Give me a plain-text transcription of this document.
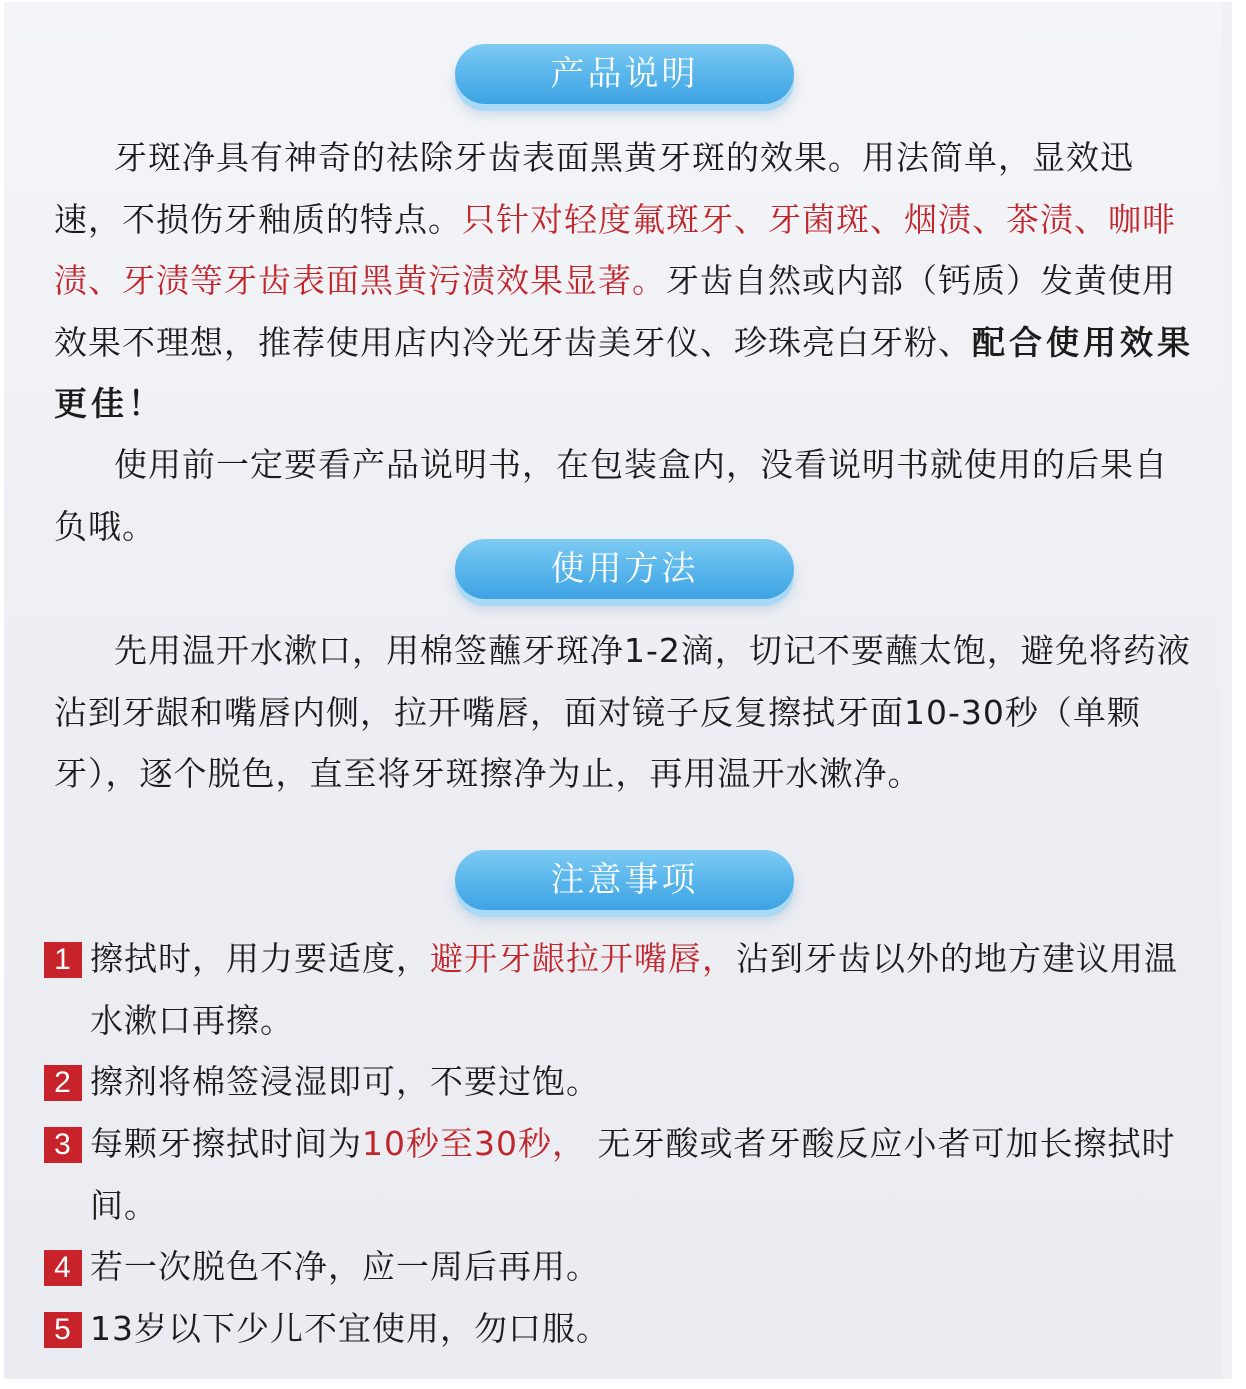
产品说明

牙斑净具有神奇的祛除牙齿表面黑黄牙斑的效果。用法简单，显效迅速，不损伤牙釉质的特点。只针对轻度氟斑牙、牙菌斑、烟渍、茶渍、咖啡渍、牙渍等牙齿表面黑黄污渍效果显著。牙齿自然或内部（钙质）发黄使用效果不理想，推荐使用店内冷光牙齿美牙仪、珍珠亮白牙粉、配合使用效果更佳！

使用前一定要看产品说明书，在包装盒内，没看说明书就使用的后果自负哦。

使用方法

先用温开水漱口，用棉签蘸牙斑净1-2滴，切记不要蘸太饱，避免将药液沾到牙龈和嘴唇内侧，拉开嘴唇，面对镜子反复擦拭牙面10-30秒（单颗牙），逐个脱色，直至将牙斑擦净为止，再用温开水漱净。

注意事项
1 擦拭时，用力要适度，避开牙龈拉开嘴唇，沾到牙齿以外的地方建议用温水漱口再擦。
2 擦剂将棉签浸湿即可，不要过饱。
3 每颗牙擦拭时间为10秒至30秒， 无牙酸或者牙酸反应小者可加长擦拭时间。
4 若一次脱色不净，应一周后再用。
5 13岁以下少儿不宜使用，勿口服。
